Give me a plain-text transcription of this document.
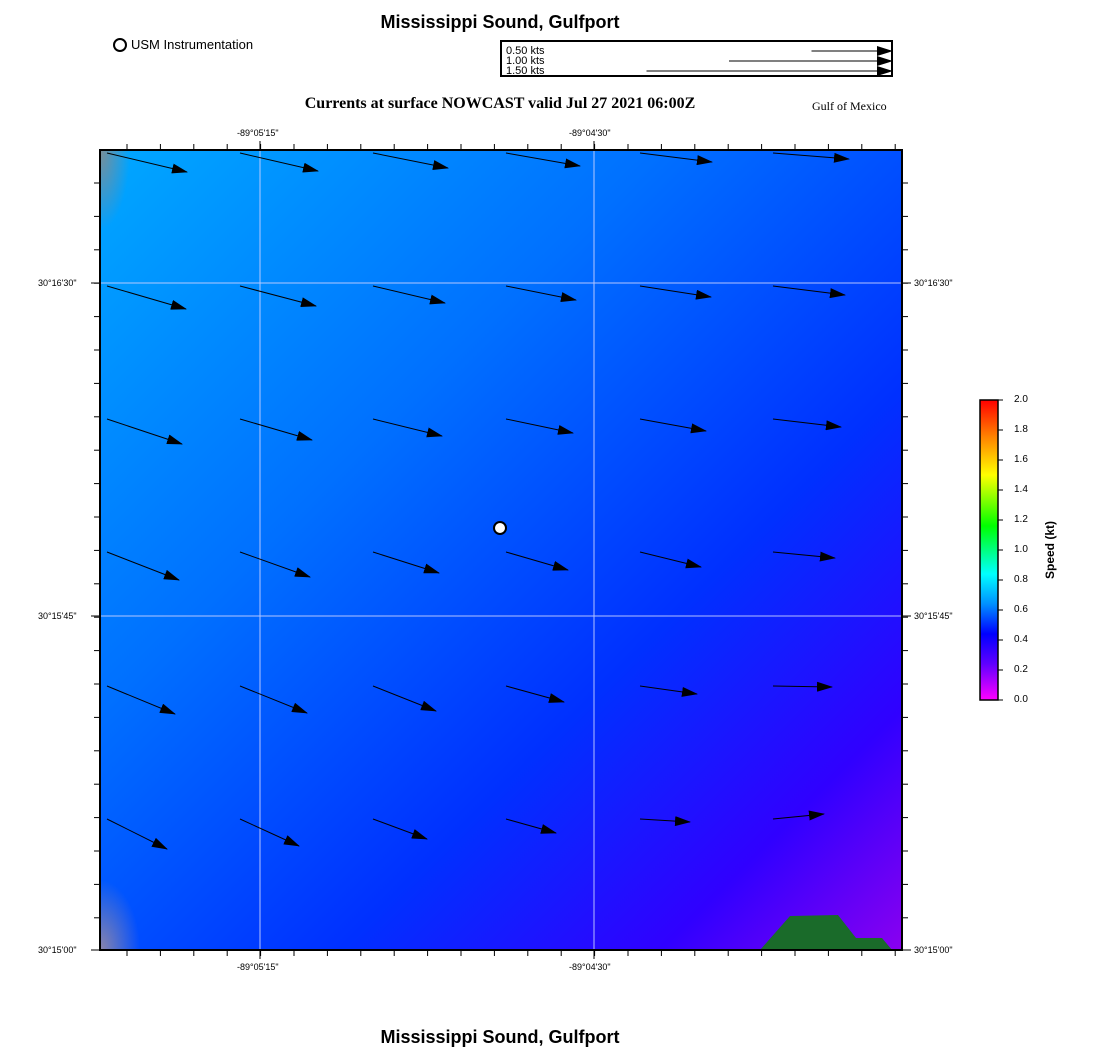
Mississippi Sound, Gulfport
USM Instrumentation	0.50 kts
1.00 kts
1.50 kts
Currents at surface NOWCAST valid Jul 27 2021 06:00Z	Gulf of Mexico
-89°05'15"	-89°04'30"
-89°05'15"	-89°04'30"
30°16'30"
30°15'45"
30°15'00"
30°16'30"
30°15'45"
30°15'00"
2.0
1.8
1.6
1.4
1.2
1.0
0.8
0.6
0.4
0.2
0.0
Speed (kt)
Mississippi Sound, Gulfport
